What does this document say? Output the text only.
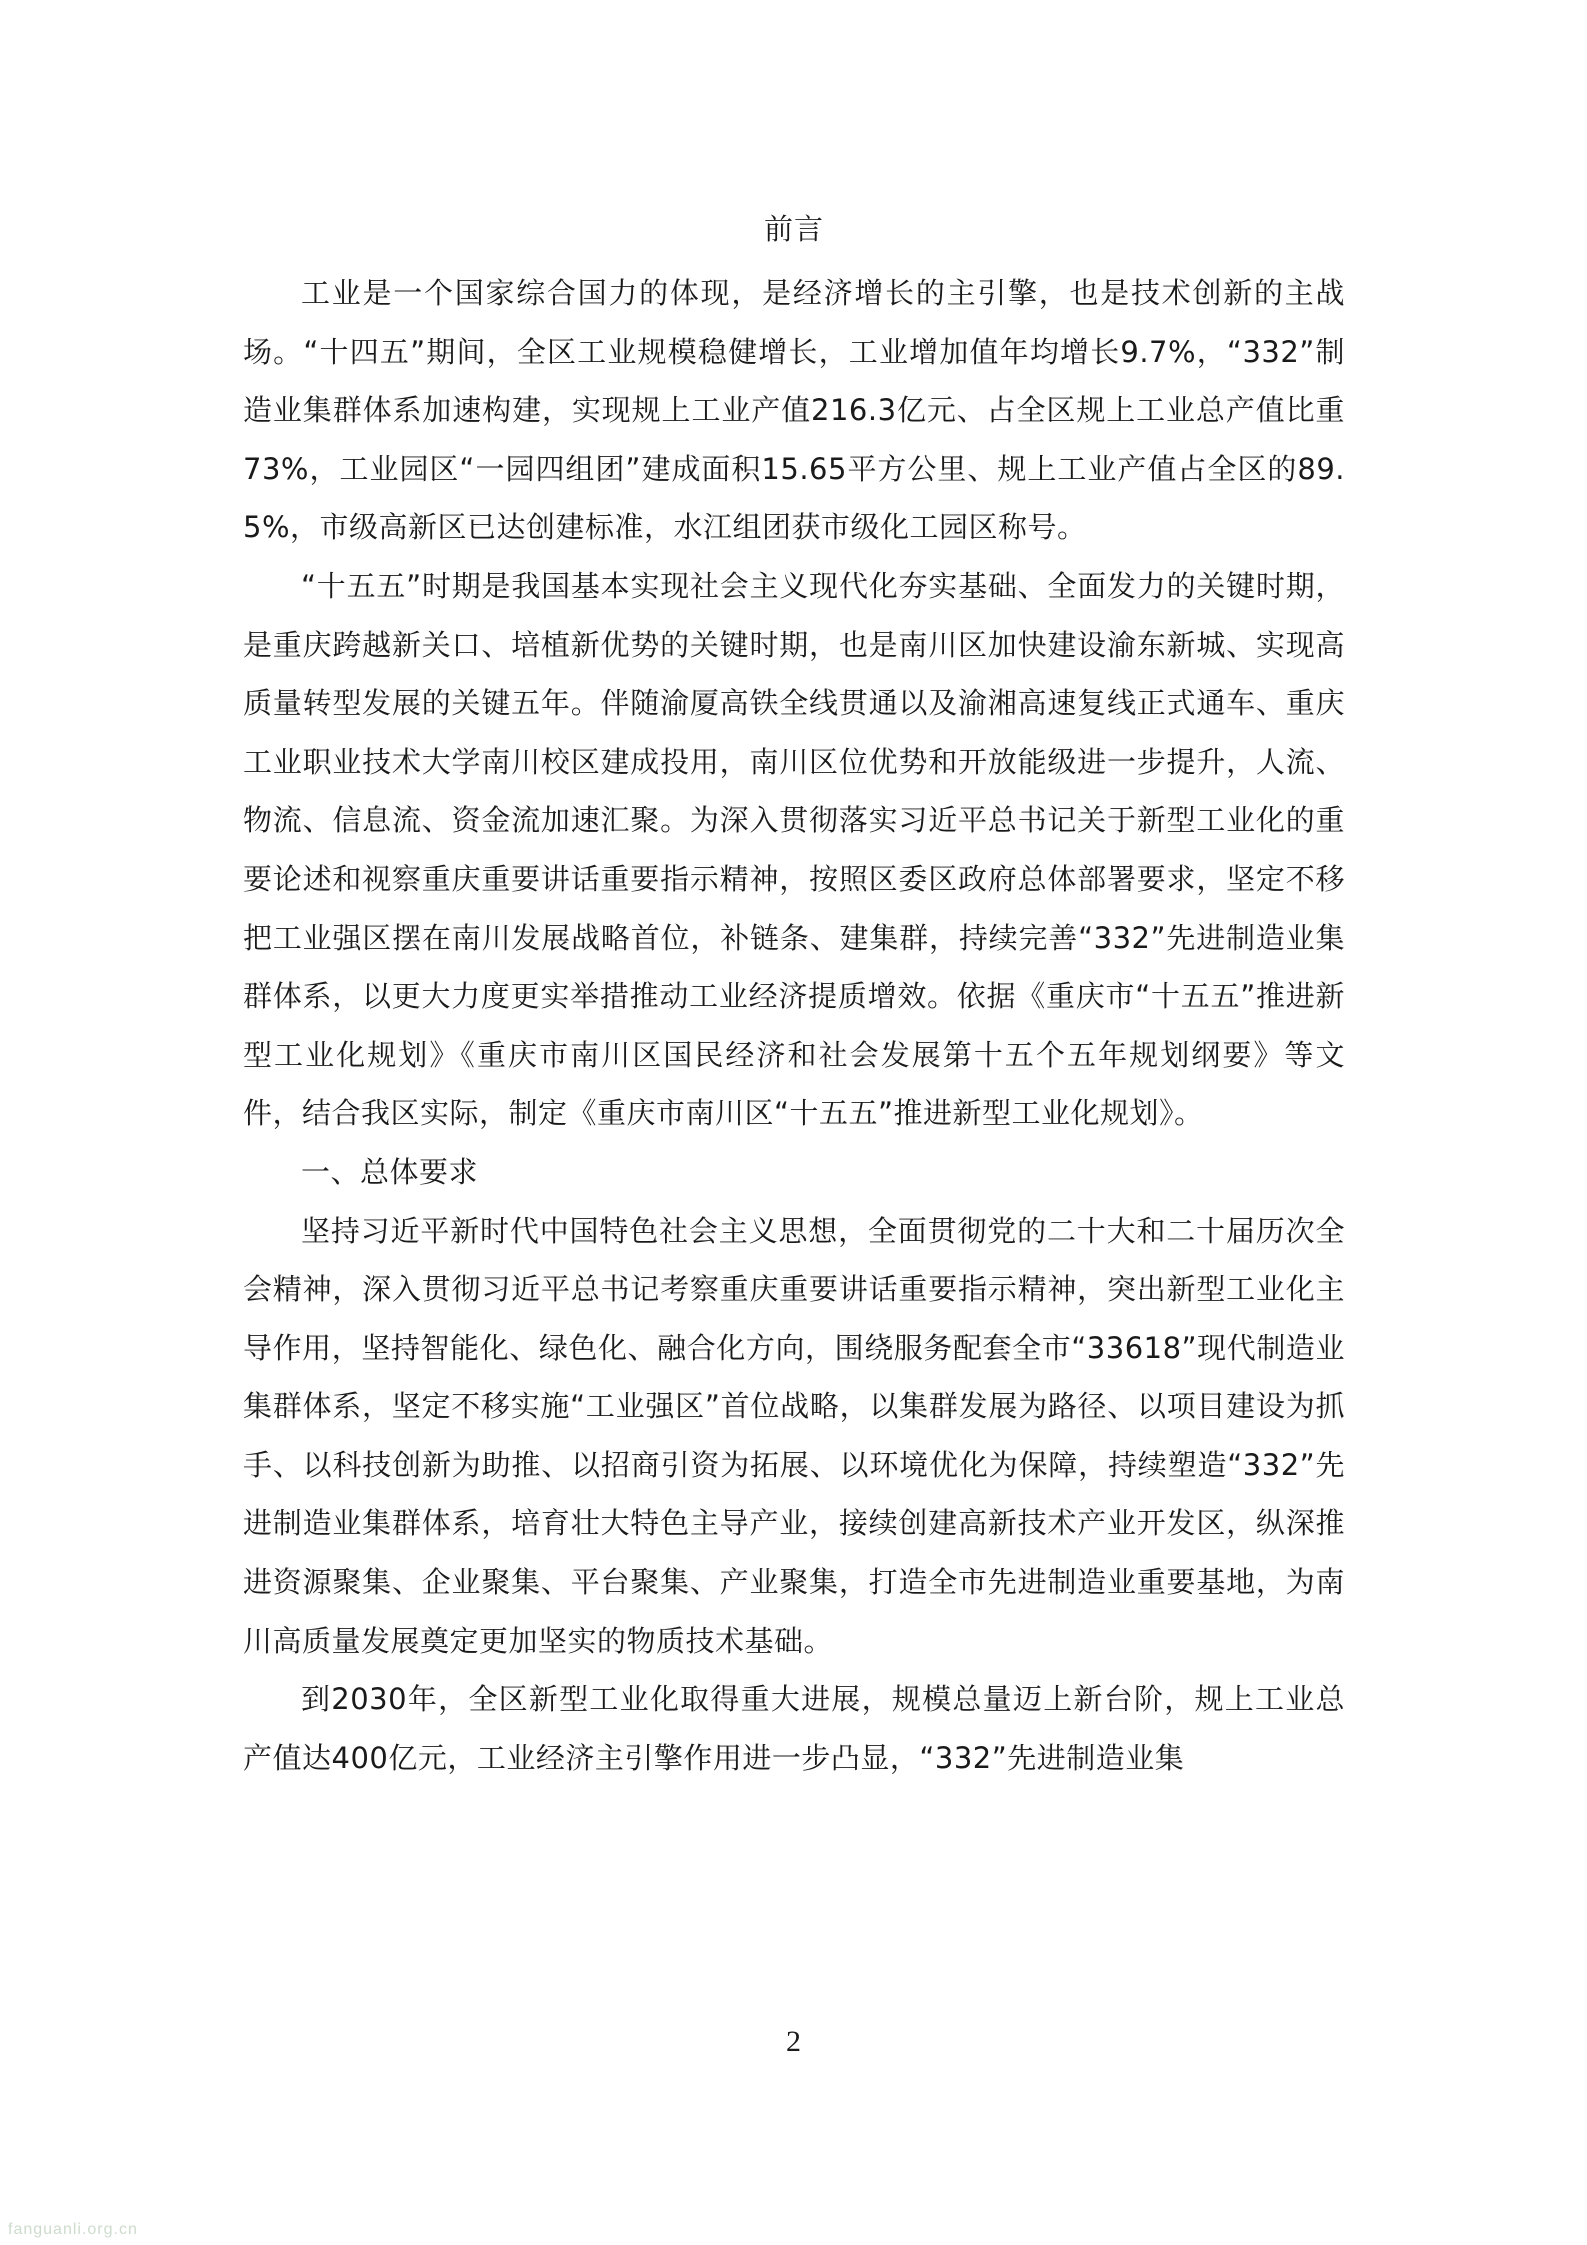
前言

工业是一个国家综合国力的体现，是经济增长的主引擎，也是技术创新的主战场。“十四五”期间，全区工业规模稳健增长，工业增加值年均增长9.7%，“332”制造业集群体系加速构建，实现规上工业产值216.3亿元、占全区规上工业总产值比重73%，工业园区“一园四组团”建成面积15.65平方公里、规上工业产值占全区的89.5%，市级高新区已达创建标准，水江组团获市级化工园区称号。

“十五五”时期是我国基本实现社会主义现代化夯实基础、全面发力的关键时期，是重庆跨越新关口、培植新优势的关键时期，也是南川区加快建设渝东新城、实现高质量转型发展的关键五年。伴随渝厦高铁全线贯通以及渝湘高速复线正式通车、重庆工业职业技术大学南川校区建成投用，南川区位优势和开放能级进一步提升，人流、物流、信息流、资金流加速汇聚。为深入贯彻落实习近平总书记关于新型工业化的重要论述和视察重庆重要讲话重要指示精神，按照区委区政府总体部署要求，坚定不移把工业强区摆在南川发展战略首位，补链条、建集群，持续完善“332”先进制造业集群体系，以更大力度更实举措推动工业经济提质增效。依据《重庆市“十五五”推进新型工业化规划》《重庆市南川区国民经济和社会发展第十五个五年规划纲要》等文件，结合我区实际，制定《重庆市南川区“十五五”推进新型工业化规划》。

一、总体要求

坚持习近平新时代中国特色社会主义思想，全面贯彻党的二十大和二十届历次全会精神，深入贯彻习近平总书记考察重庆重要讲话重要指示精神，突出新型工业化主导作用，坚持智能化、绿色化、融合化方向，围绕服务配套全市“33618”现代制造业集群体系，坚定不移实施“工业强区”首位战略，以集群发展为路径、以项目建设为抓手、以科技创新为助推、以招商引资为拓展、以环境优化为保障，持续塑造“332”先进制造业集群体系，培育壮大特色主导产业，接续创建高新技术产业开发区，纵深推进资源聚集、企业聚集、平台聚集、产业聚集，打造全市先进制造业重要基地，为南川高质量发展奠定更加坚实的物质技术基础。

到2030年，全区新型工业化取得重大进展，规模总量迈上新台阶，规上工业总产值达400亿元，工业经济主引擎作用进一步凸显，“332”先进制造业集

2
fanguanli.org.cn
